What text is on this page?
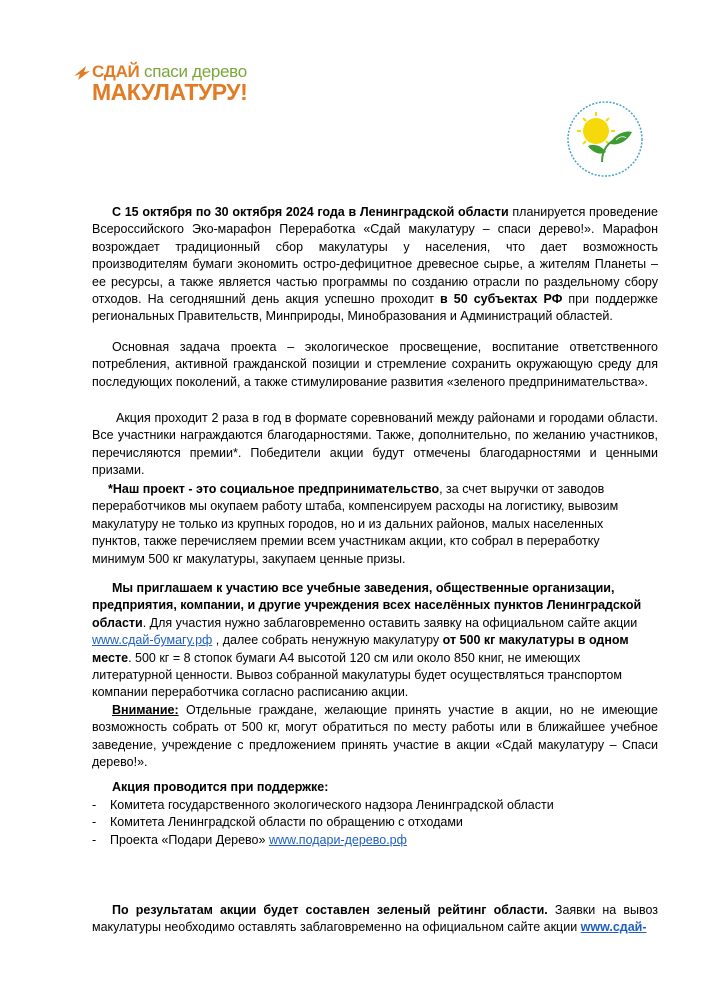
СДАЙ спаси дерево
МАКУЛАТУРУ!

С 15 октября по 30 октября 2024 года в Ленинградской области планируется проведение Всероссийского Эко-марафон Переработка «Сдай макулатуру – спаси дерево!». Марафон возрождает традиционный сбор макулатуры у населения, что дает возможность производителям бумаги экономить остро-дефицитное древесное сырье, а жителям Планеты – ее ресурсы, а также является частью программы по созданию отрасли по раздельному сбору отходов. На сегодняшний день акция успешно проходит в 50 субъектах РФ при поддержке региональных Правительств, Минприроды, Минобразования и Администраций областей.

Основная задача проекта – экологическое просвещение, воспитание ответственного потребления, активной гражданской позиции и стремление сохранить окружающую среду для последующих поколений, а также стимулирование развития «зеленого предпринимательства».

Акция проходит 2 раза в год в формате соревнований между районами и городами области. Все участники награждаются благодарностями. Также, дополнительно, по желанию участников, перечисляются премии*. Победители акции будут отмечены благодарностями и ценными призами.

*Наш проект - это социальное предпринимательство, за счет выручки от заводов переработчиков мы окупаем работу штаба, компенсируем расходы на логистику, вывозим макулатуру не только из крупных городов, но и из дальних районов, малых населенных пунктов, также перечисляем премии всем участникам акции, кто собрал в переработку минимум 500 кг макулатуры, закупаем ценные призы.

Мы приглашаем к участию все учебные заведения, общественные организации, предприятия, компании, и другие учреждения всех населённых пунктов Ленинградской области. Для участия нужно заблаговременно оставить заявку на официальном сайте акции www.сдай-бумагу.рф , далее собрать ненужную макулатуру от 500 кг макулатуры в одном месте. 500 кг = 8 стопок бумаги А4 высотой 120 см или около 850 книг, не имеющих литературной ценности. Вывоз собранной макулатуры будет осуществляться транспортом компании переработчика согласно расписанию акции.

Внимание: Отдельные граждане, желающие принять участие в акции, но не имеющие возможность собрать от 500 кг, могут обратиться по месту работы или в ближайшее учебное заведение, учреждение с предложением принять участие в акции «Сдай макулатуру – Спаси дерево!».

Акция проводится при поддержке:

- Комитета государственного экологического надзора Ленинградской области
- Комитета Ленинградской области по обращению с отходами
- Проекта «Подари Дерево» www.подари-дерево.рф

По результатам акции будет составлен зеленый рейтинг области. Заявки на вывоз макулатуры необходимо оставлять заблаговременно на официальном сайте акции www.сдай-
